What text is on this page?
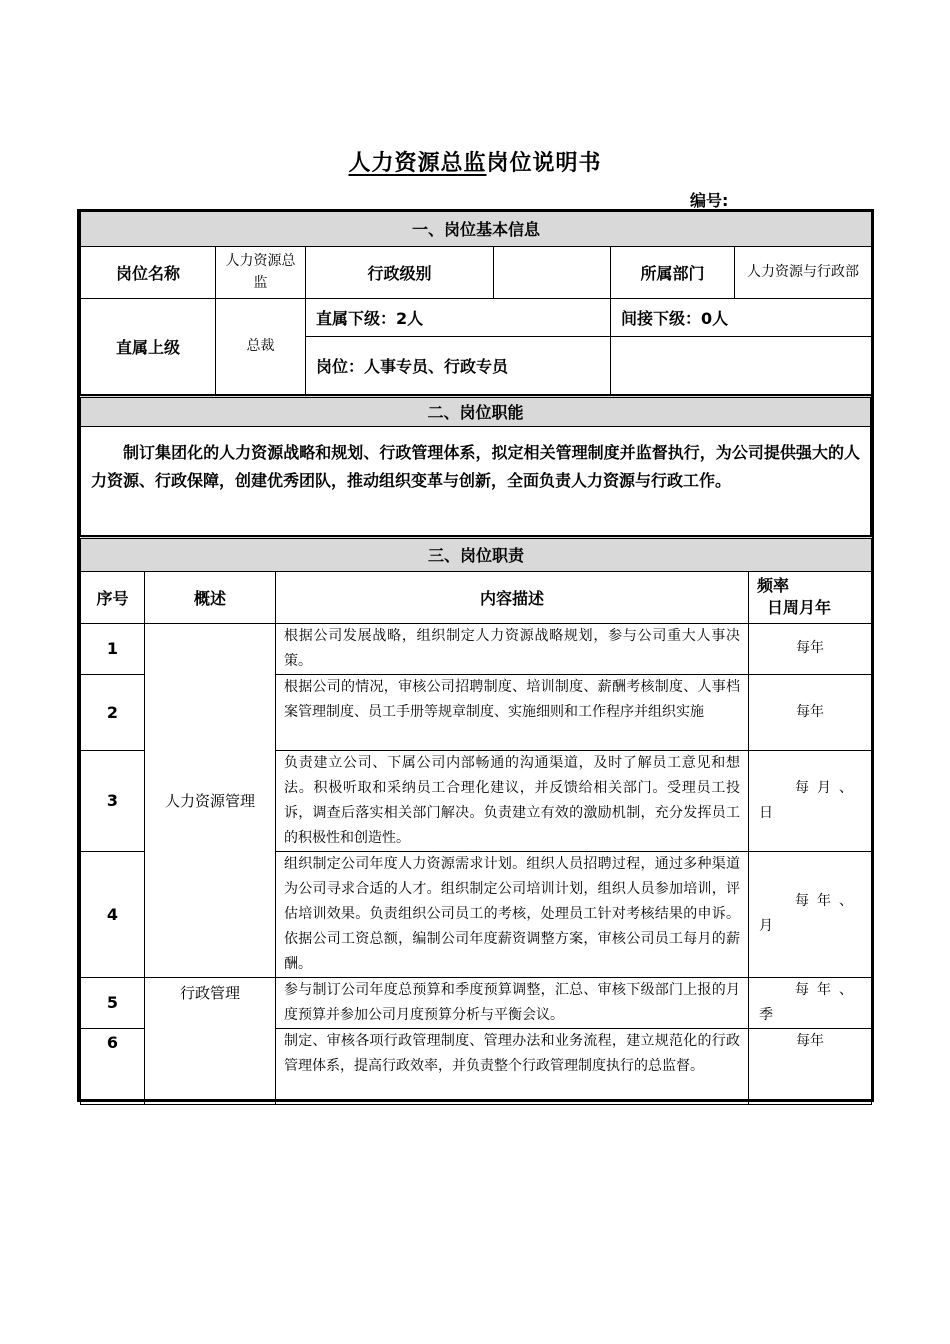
人力资源总监岗位说明书
编号:
一、岗位基本信息					
岗位名称	人力资源总监	行政级别		所属部门	人力资源与行政部
直属上级	总裁	直属下级：2人		间接下级：0人	
		岗位：人事专员、行政专员			
二、岗位职能
制订集团化的人力资源战略和规划、行政管理体系，拟定相关管理制度并监督执行，为公司提供强大的人力资源、行政保障，创建优秀团队，推动组织变革与创新，全面负责人力资源与行政工作。
三、岗位职责			
序号	概述	内容描述	频率
日周月年

1	人力资源管理	根据公司发展战略，组织制定人力资源战略规划，参与公司重大人事决策。	每年
2		根据公司的情况，审核公司招聘制度、培训制度、薪酬考核制度、人事档案管理制度、员工手册等规章制度、实施细则和工作程序并组织实施	每年
3		负责建立公司、下属公司内部畅通的沟通渠道，及时了解员工意见和想法。积极听取和采纳员工合理化建议，并反馈给相关部门。受理员工投诉，调查后落实相关部门解决。负责建立有效的激励机制，充分发挥员工的积极性和创造性。	每月、
日
4		组织制定公司年度人力资源需求计划。组织人员招聘过程，通过多种渠道为公司寻求合适的人才。组织制定公司培训计划，组织人员参加培训，评估培训效果。负责组织公司员工的考核，处理员工针对考核结果的申诉。依据公司工资总额，编制公司年度薪资调整方案，审核公司员工每月的薪酬。	每年、
月
5	行政管理	参与制订公司年度总预算和季度预算调整，汇总、审核下级部门上报的月度预算并参加公司月度预算分析与平衡会议。	每年、
季
6		制定、审核各项行政管理制度、管理办法和业务流程，建立规范化的行政管理体系，提高行政效率，并负责整个行政管理制度执行的总监督。	每年
